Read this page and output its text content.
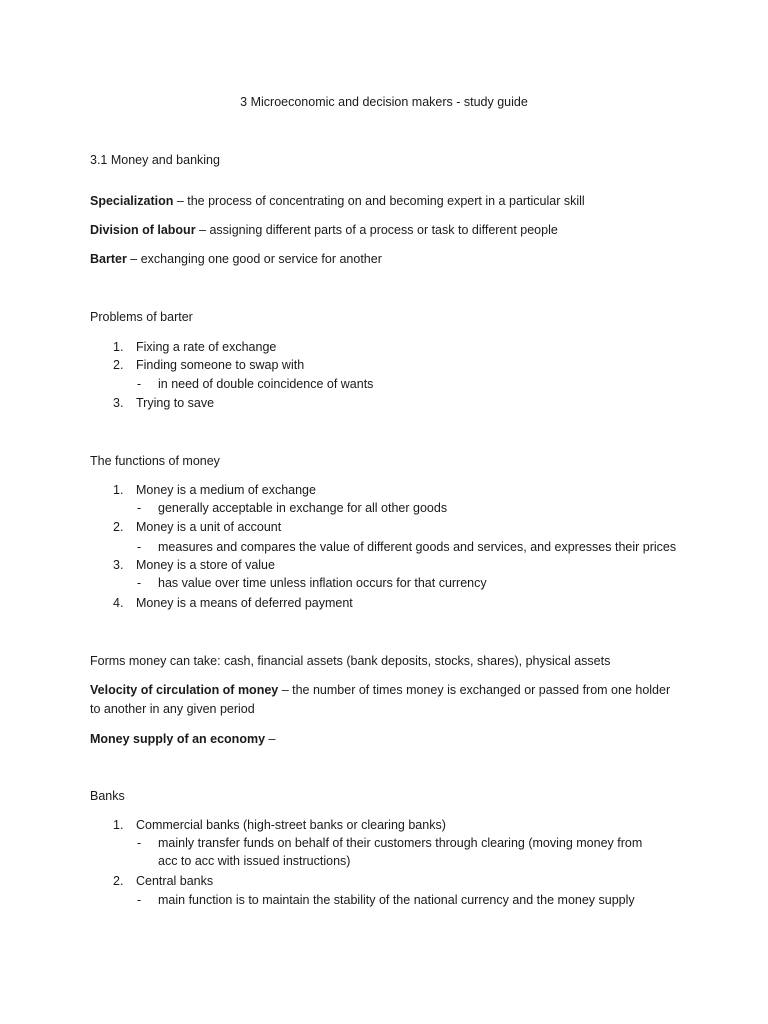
3 Microeconomic and decision makers - study guide
3.1 Money and banking
Specialization – the process of concentrating on and becoming expert in a particular skill
Division of labour – assigning different parts of a process or task to different people
Barter – exchanging one good or service for another
Problems of barter
1. Fixing a rate of exchange
2. Finding someone to swap with
- in need of double coincidence of wants
3. Trying to save
The functions of money
1. Money is a medium of exchange
- generally acceptable in exchange for all other goods
2. Money is a unit of account
- measures and compares the value of different goods and services, and expresses their prices
3. Money is a store of value
- has value over time unless inflation occurs for that currency
4. Money is a means of deferred payment
Forms money can take: cash, financial assets (bank deposits, stocks, shares), physical assets
Velocity of circulation of money – the number of times money is exchanged or passed from one holder
to another in any given period
Money supply of an economy –
Banks
1. Commercial banks (high-street banks or clearing banks)
- mainly transfer funds on behalf of their customers through clearing (moving money from
acc to acc with issued instructions)
2. Central banks
- main function is to maintain the stability of the national currency and the money supply
